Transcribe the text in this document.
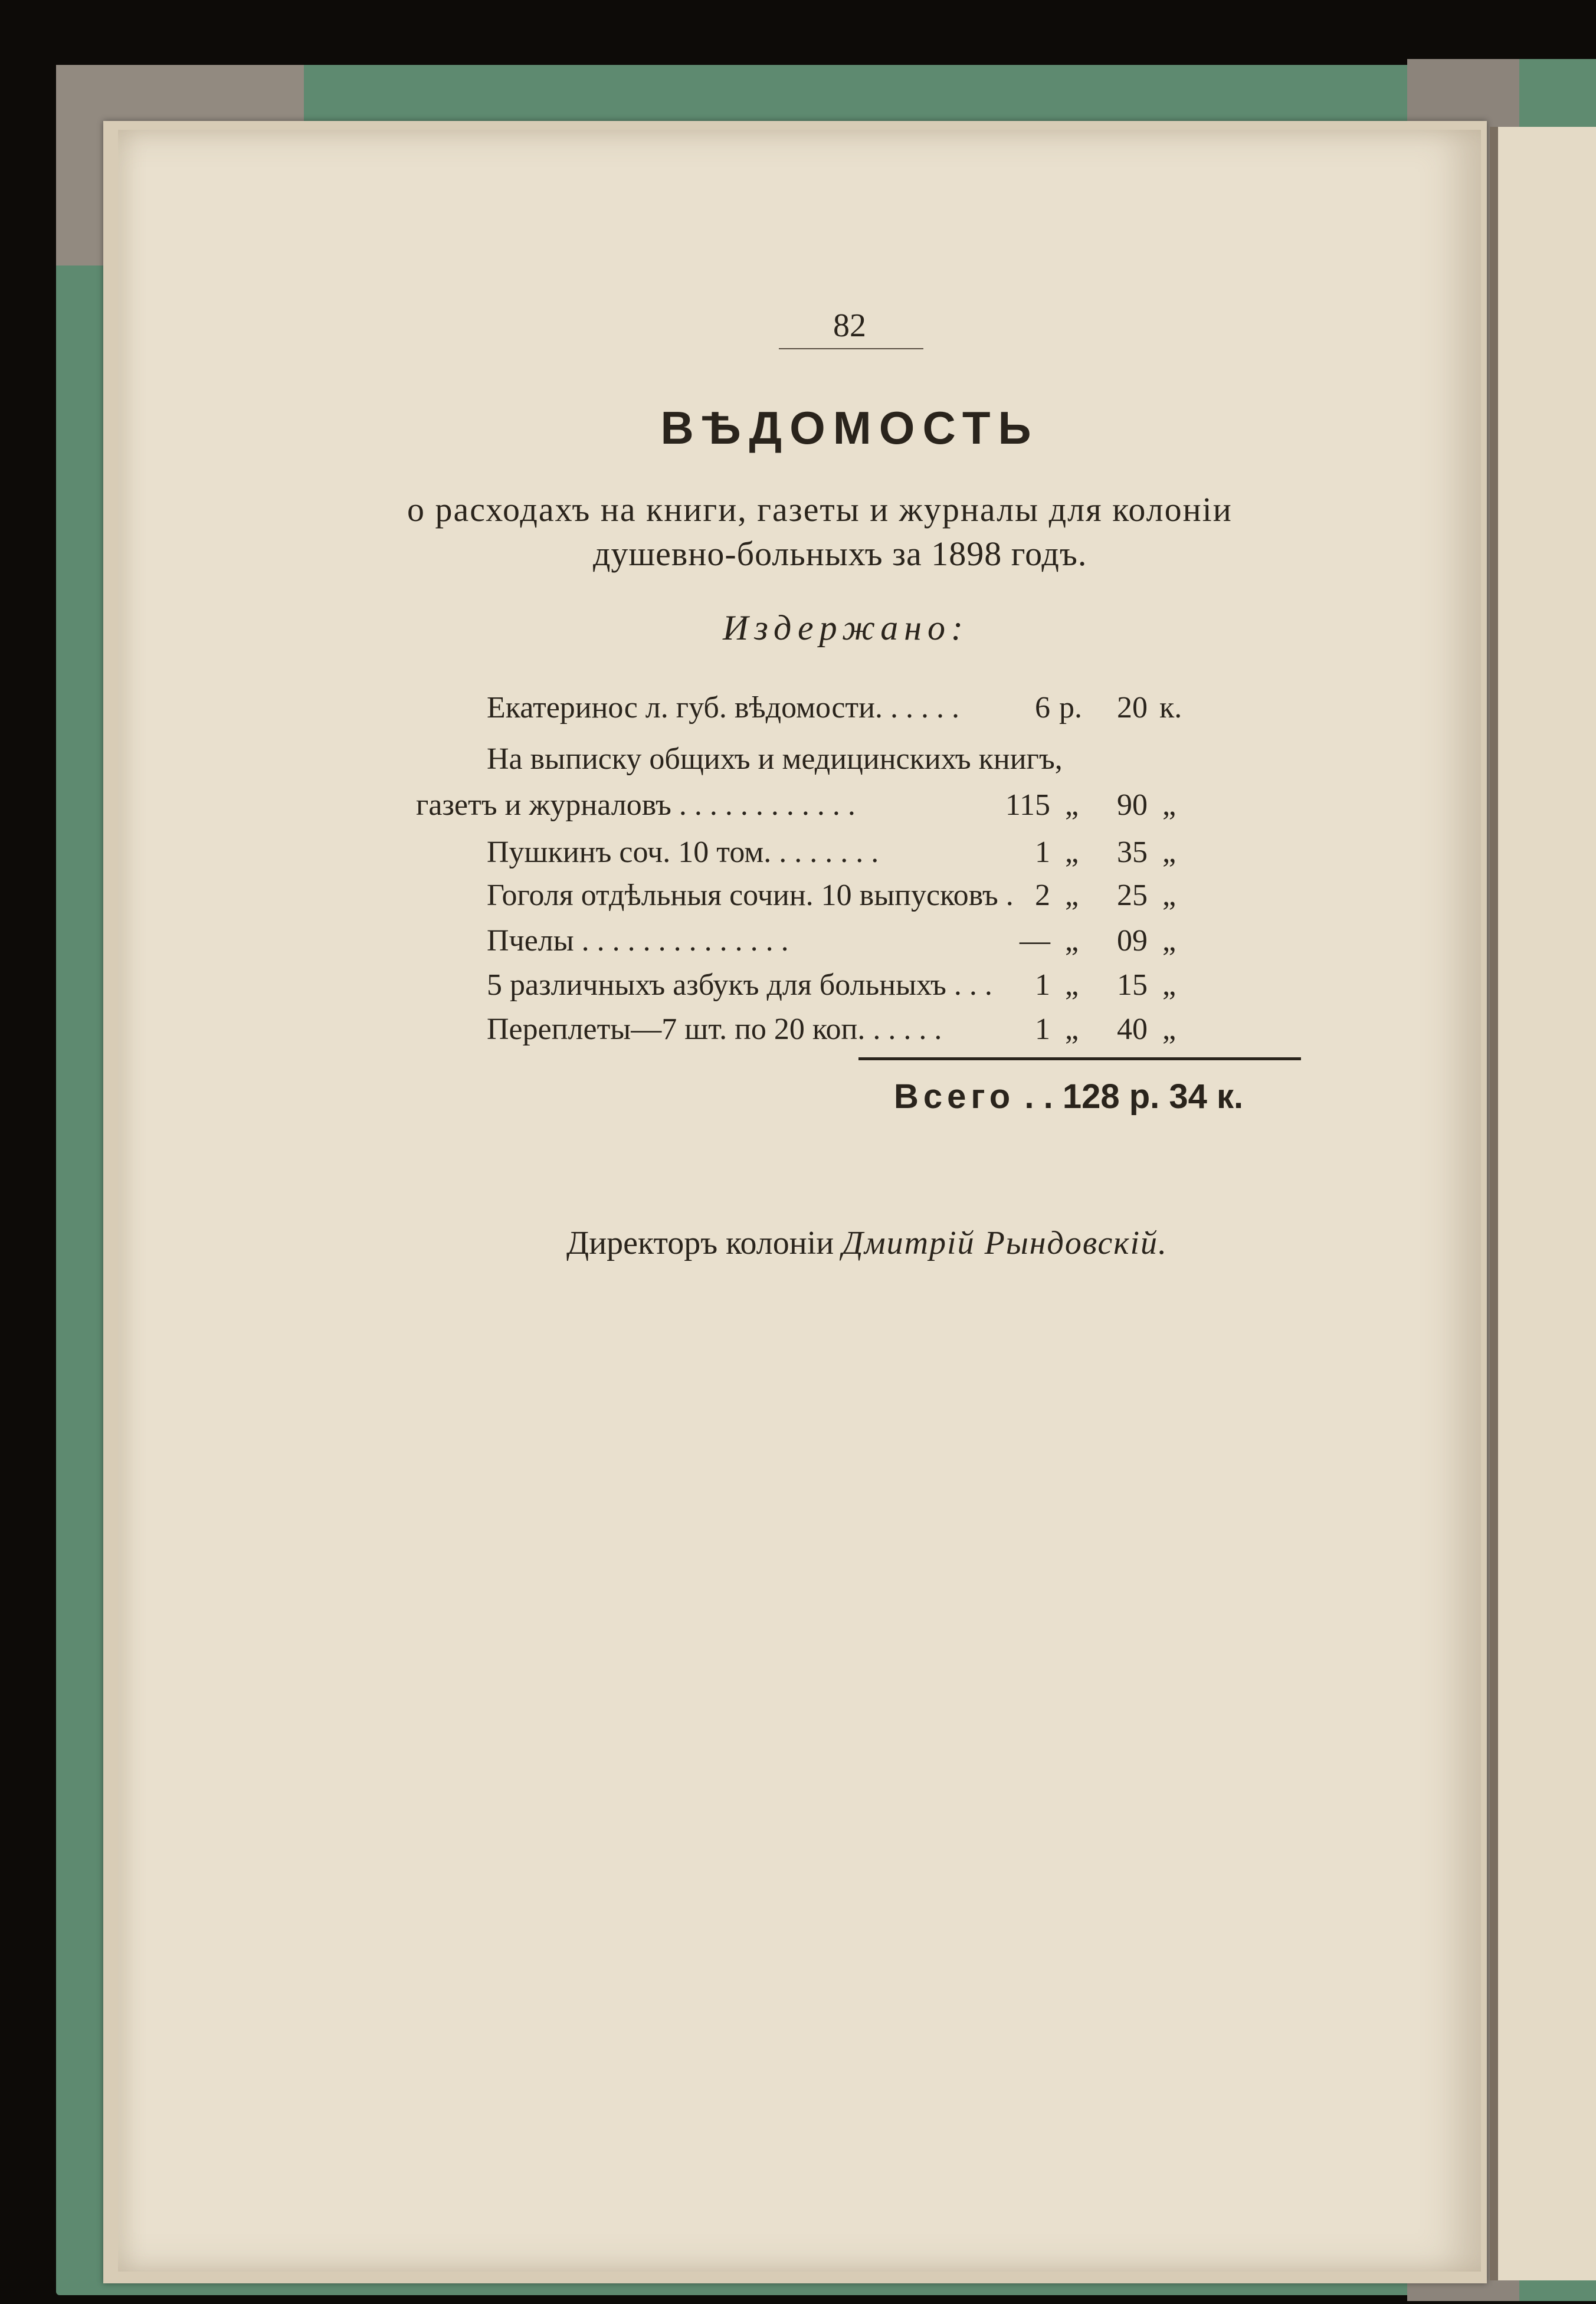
82
ВѢДОМОСТЬ
о расходахъ на книги, газеты и журналы для колоніи
душевно-больныхъ за 1898 годъ.
Издержано:
Екатеринос л. губ. вѣдомости. . . . . .	6 р.	20 к.
На выписку общихъ и медицинскихъ книгъ,
газетъ и журналовъ . . . . . . . . . . . .	115 „	90 „
Пушкинъ соч. 10 том. . . . . . . .	1 „	35 „
Гоголя отдѣльныя сочин. 10 выпусковъ . 2 „	25 „
Пчелы . . . . . . . . . . . . . .	— „	09 „
5 различныхъ азбукъ для больныхъ . . .	1 „	15 „
Переплеты—7 шт. по 20 коп. . . . . .	1 „	40 „
Всего . . 128 р. 34 к.
Директоръ колоніи Дмитрій Рындовскій.
